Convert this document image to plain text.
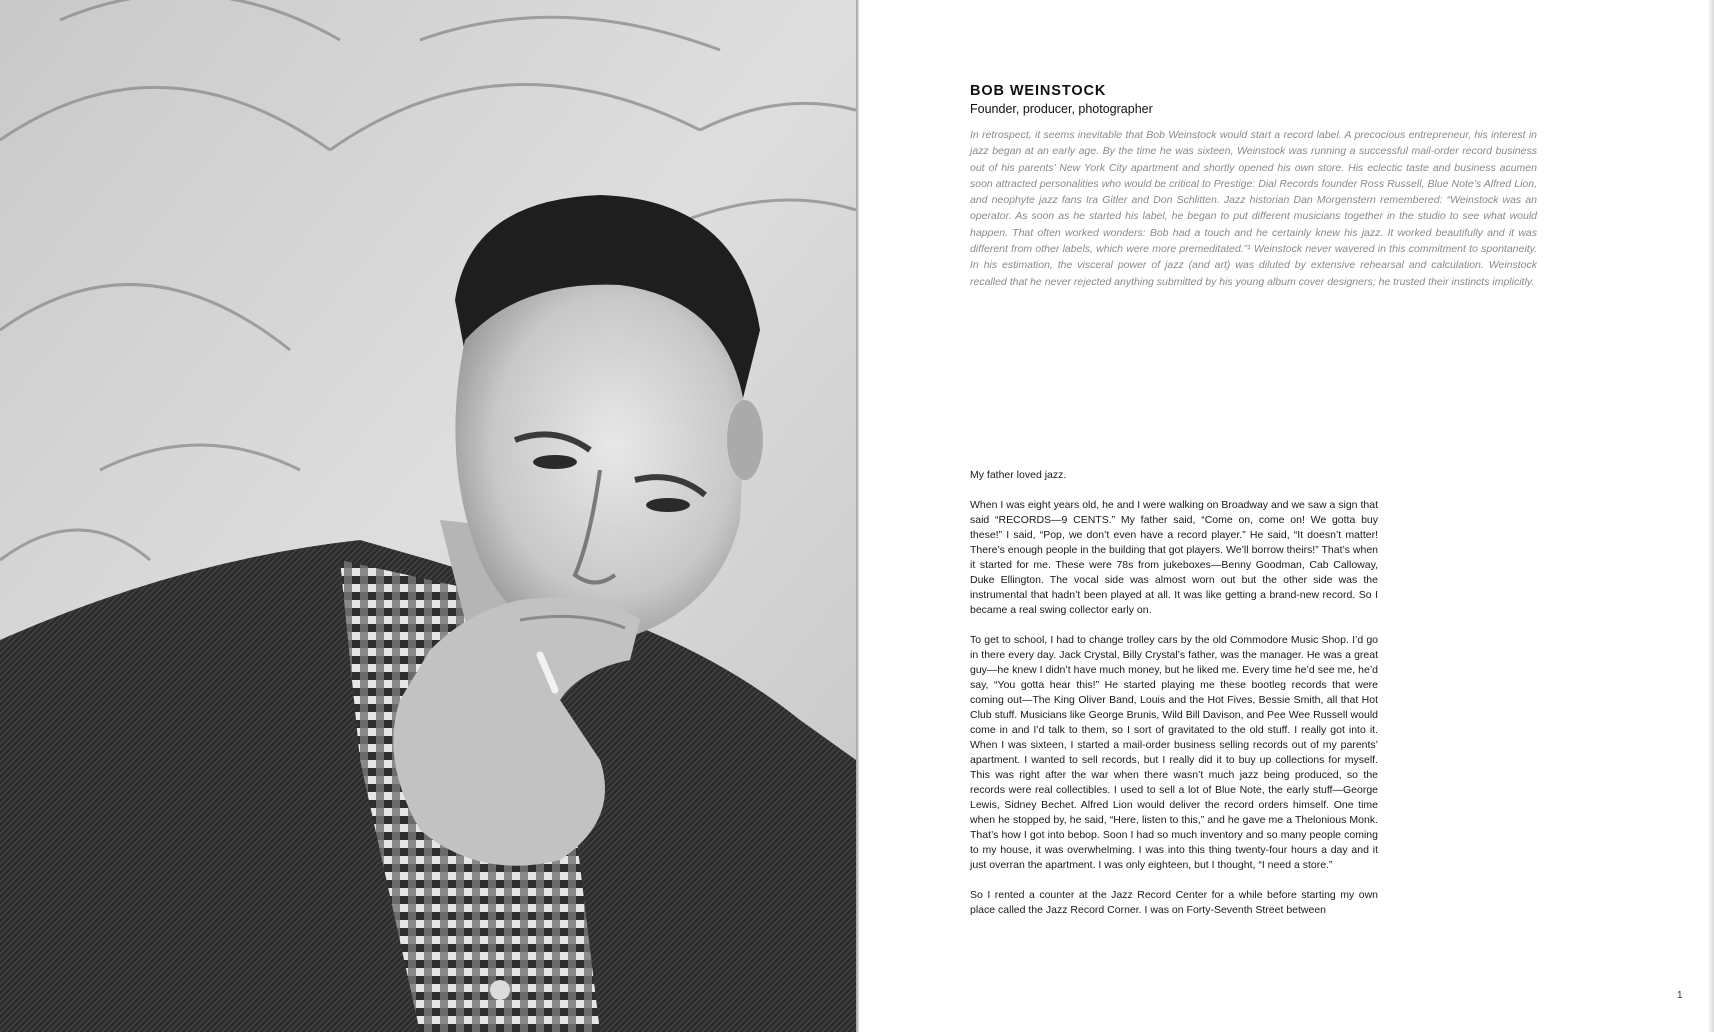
BOB WEINSTOCK
Founder, producer, photographer

In retrospect, it seems inevitable that Bob Weinstock would start a record label. A precocious entrepreneur, his interest in jazz began at an early age. By the time he was sixteen, Weinstock was running a successful mail-order record business out of his parents’ New York City apartment and shortly opened his own store. His eclectic taste and business acumen soon attracted personalities who would be critical to Prestige: Dial Records founder Ross Russell, Blue Note’s Alfred Lion, and neophyte jazz fans Ira Gitler and Don Schlitten. Jazz historian Dan Morgenstern remembered: “Weinstock was an operator. As soon as he started his label, he began to put different musicians together in the studio to see what would happen. That often worked wonders: Bob had a touch and he certainly knew his jazz. It worked beautifully and it was different from other labels, which were more premeditated.”¹ Weinstock never wavered in this commitment to spontaneity. In his estimation, the visceral power of jazz (and art) was diluted by extensive rehearsal and calculation. Weinstock recalled that he never rejected anything submitted by his young album cover designers; he trusted their instincts implicitly.

My father loved jazz.

When I was eight years old, he and I were walking on Broadway and we saw a sign that said “RECORDS—9 CENTS.” My father said, “Come on, come on! We gotta buy these!” I said, “Pop, we don’t even have a record player.” He said, “It doesn’t matter! There’s enough people in the building that got players. We’ll borrow theirs!” That’s when it started for me. These were 78s from jukeboxes—Benny Goodman, Cab Calloway, Duke Ellington. The vocal side was almost worn out but the other side was the instrumental that hadn’t been played at all. It was like getting a brand-new record. So I became a real swing collector early on.

To get to school, I had to change trolley cars by the old Commodore Music Shop. I’d go in there every day. Jack Crystal, Billy Crystal’s father, was the manager. He was a great guy—he knew I didn’t have much money, but he liked me. Every time he’d see me, he’d say, “You gotta hear this!” He started playing me these bootleg records that were coming out—The King Oliver Band, Louis and the Hot Fives, Bessie Smith, all that Hot Club stuff. Musicians like George Brunis, Wild Bill Davison, and Pee Wee Russell would come in and I’d talk to them, so I sort of gravitated to the old stuff. I really got into it. When I was sixteen, I started a mail-order business selling records out of my parents’ apartment. I wanted to sell records, but I really did it to buy up collections for myself. This was right after the war when there wasn’t much jazz being produced, so the records were real collectibles. I used to sell a lot of Blue Note, the early stuff—George Lewis, Sidney Bechet. Alfred Lion would deliver the record orders himself. One time when he stopped by, he said, “Here, listen to this,” and he gave me a Thelonious Monk. That’s how I got into bebop. Soon I had so much inventory and so many people coming to my house, it was overwhelming. I was into this thing twenty-four hours a day and it just overran the apartment. I was only eighteen, but I thought, “I need a store.”

So I rented a counter at the Jazz Record Center for a while before starting my own place called the Jazz Record Corner. I was on Forty-Seventh Street between

1
